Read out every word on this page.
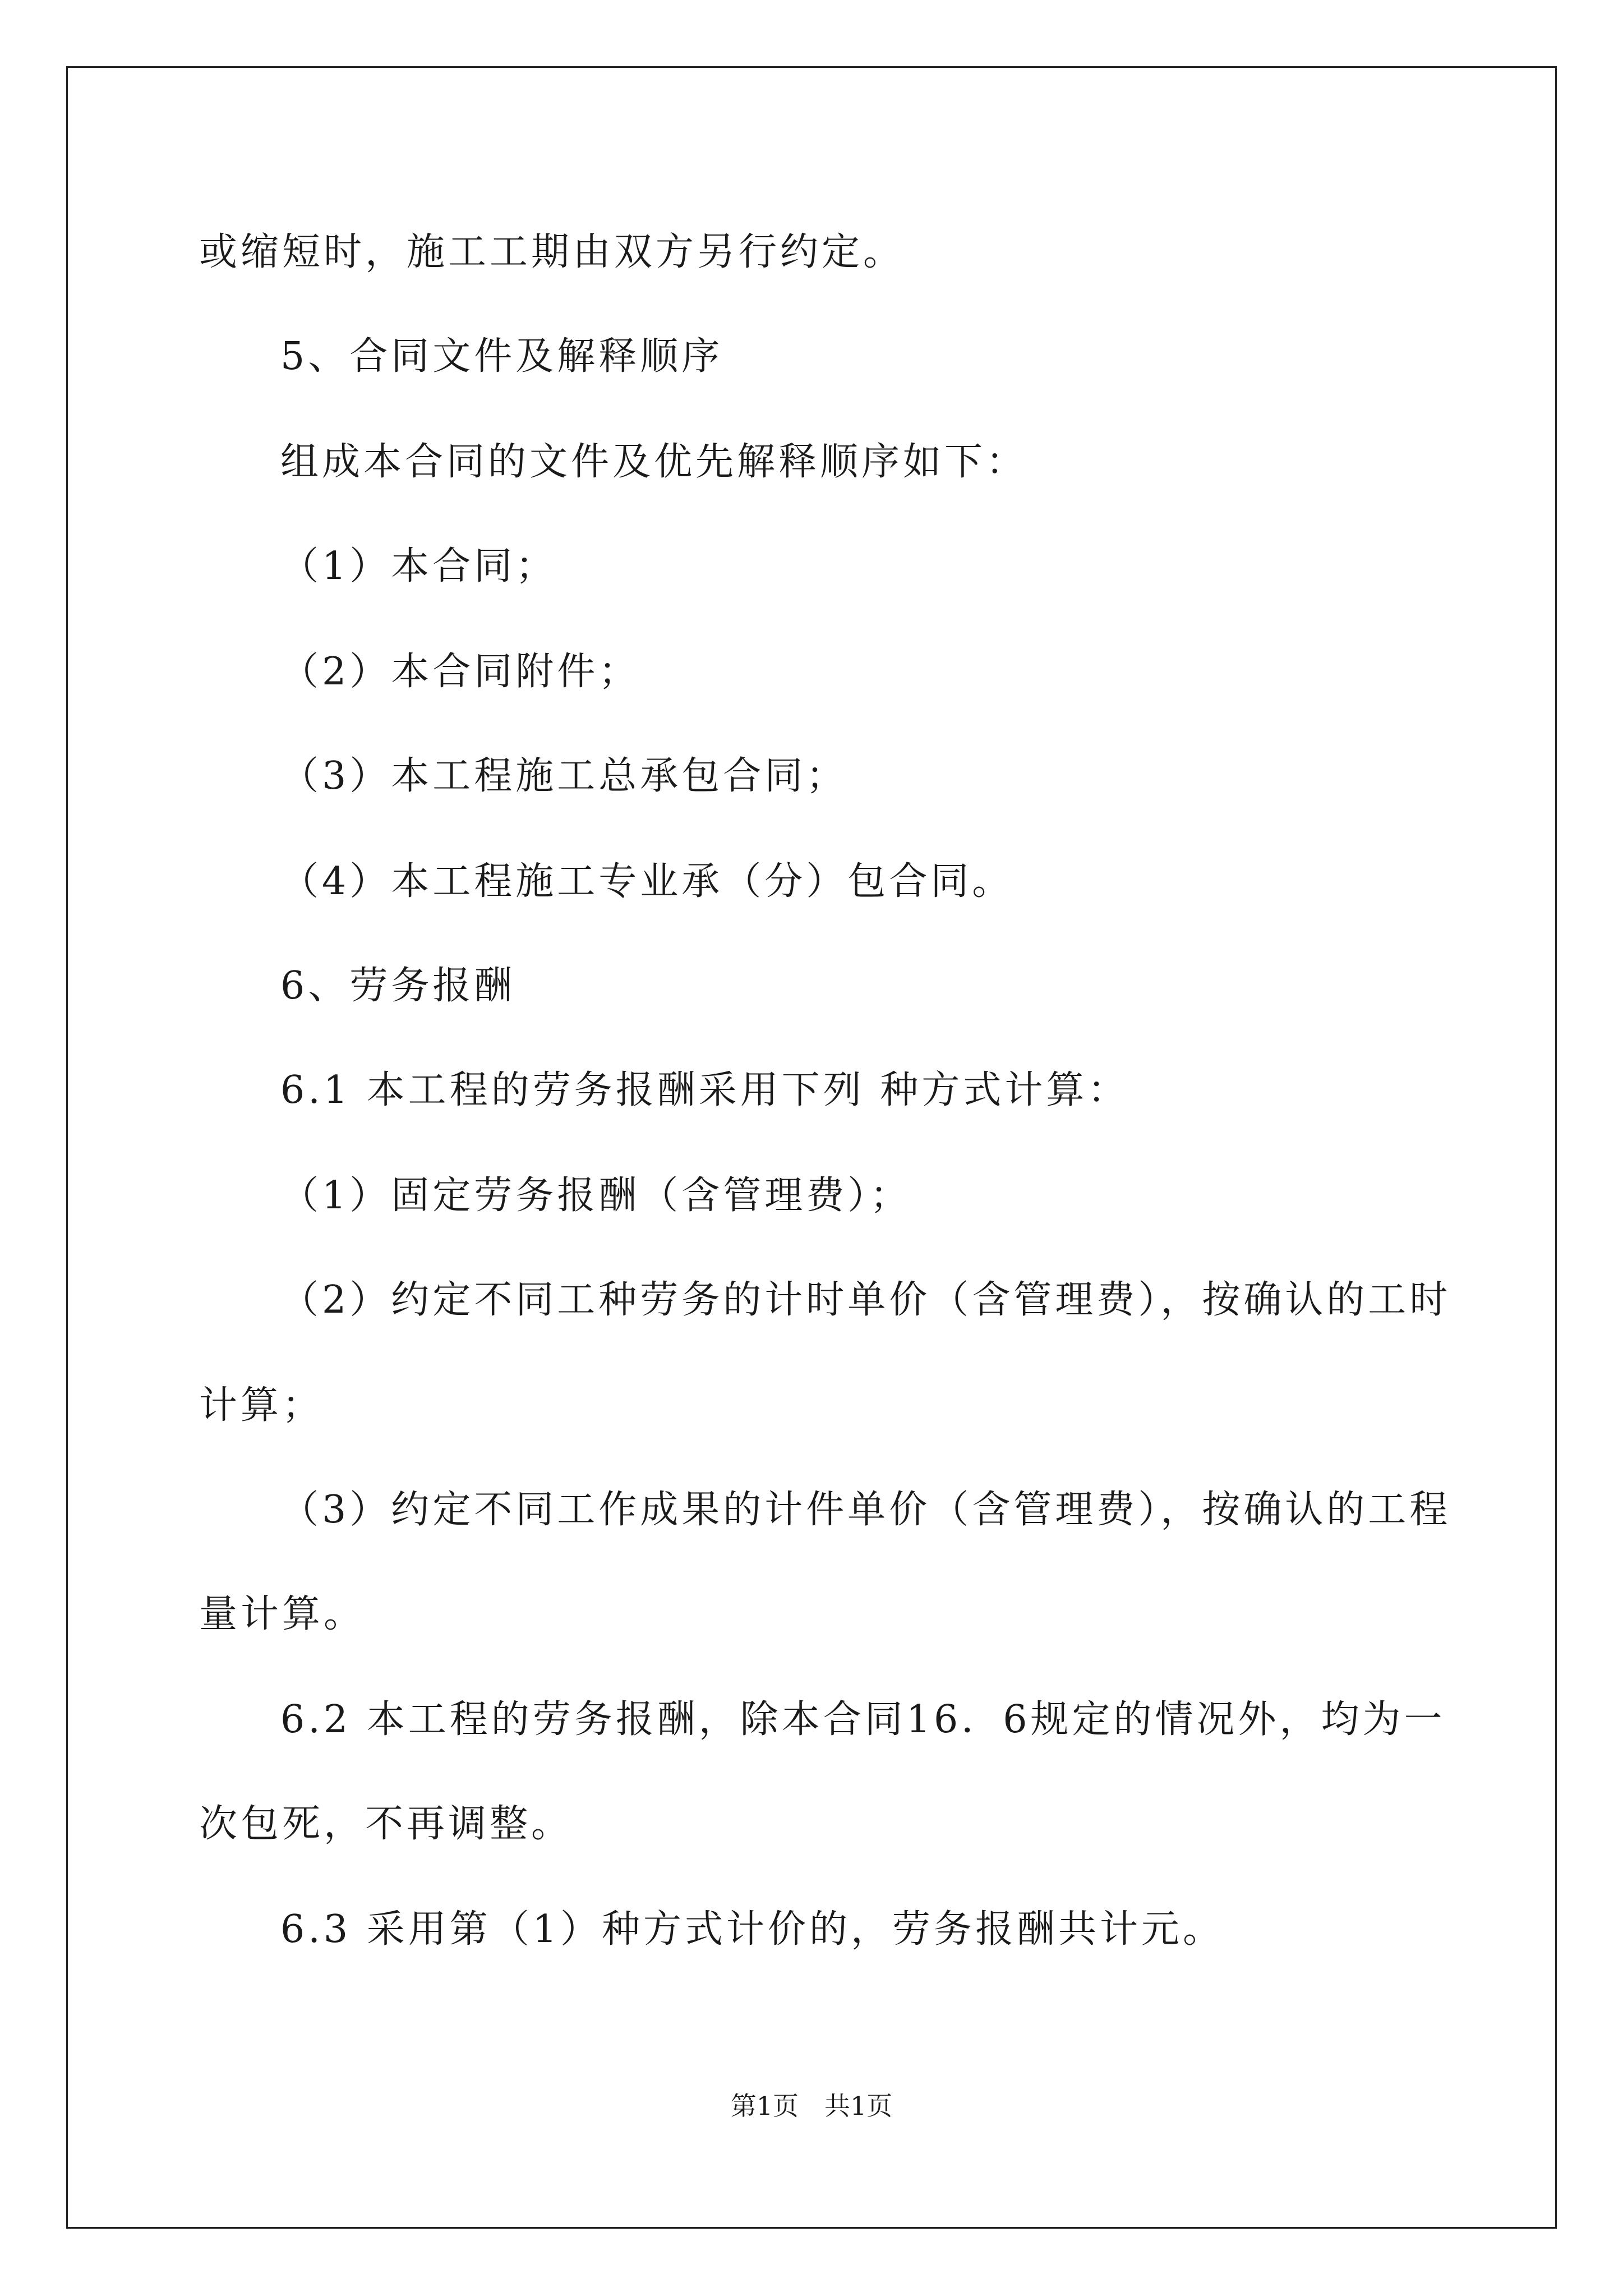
或缩短时，施工工期由双方另行约定。
5、合同文件及解释顺序
组成本合同的文件及优先解释顺序如下：
（1）本合同；
（2）本合同附件；
（3）本工程施工总承包合同；
（4）本工程施工专业承（分）包合同。
6、劳务报酬
6.1 本工程的劳务报酬采用下列 种方式计算：
（1）固定劳务报酬（含管理费）；
（2）约定不同工种劳务的计时单价（含管理费），按确认的工时
计算；
（3）约定不同工作成果的计件单价（含管理费），按确认的工程
量计算。
6.2 本工程的劳务报酬，除本合同16．6规定的情况外，均为一
次包死，不再调整。
6.3 采用第（1）种方式计价的，劳务报酬共计元。
第1页　共1页
